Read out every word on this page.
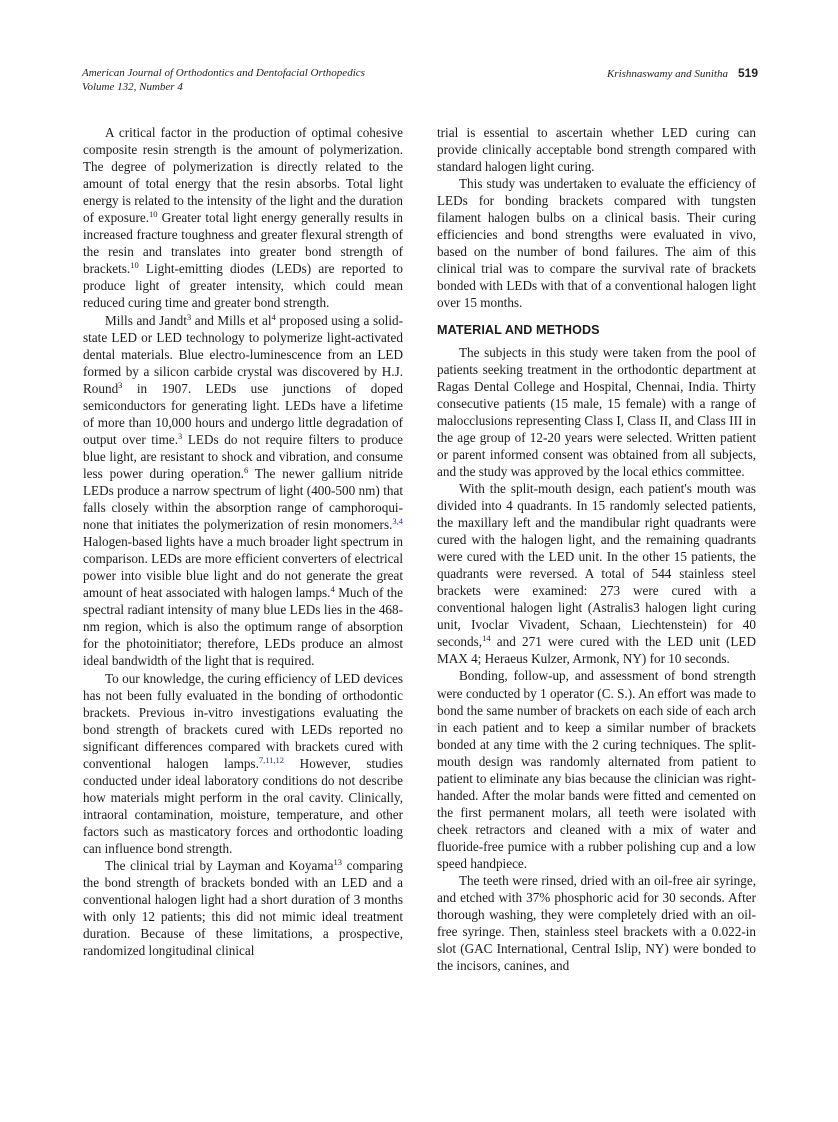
American Journal of Orthodontics and Dentofacial Orthopedics
Volume 132, Number 4
Krishnaswamy and Sunitha 519

A critical factor in the production of optimal cohesive composite resin strength is the amount of polymerization. The degree of polymerization is directly related to the amount of total energy that the resin absorbs. Total light energy is related to the intensity of the light and the duration of exposure.$^{10}$ Greater total light energy generally results in increased fracture toughness and greater flexural strength of the resin and translates into greater bond strength of brackets.$^{10}$ Light-emitting diodes (LEDs) are reported to produce light of greater intensity, which could mean reduced curing time and greater bond strength.

Mills and Jandt$^3$ and Mills et $al^4$ proposed using a solid-state LED or LED technology to polymerize light-activated dental materials. Blue electro-luminescence from an LED formed by a silicon carbide crystal was discovered by H.J. Round$^3$ in 1907. LEDs use junctions of doped semiconductors for generating light. LEDs have a lifetime of more than 10,000 hours and undergo little degradation of output over time.$^3$ LEDs do not require filters to produce blue light, are resistant to shock and vibration, and consume less power during operation.$^6$ The newer gallium nitride LEDs produce a narrow spectrum of light (400-500 nm) that falls closely within the absorption range of camphoroquinone that initiates the polymerization of resin monomers.$^{3,4}$ Halogen-based lights have a much broader light spectrum in comparison. LEDs are more efficient converters of electrical power into visible blue light and do not generate the great amount of heat associated with halogen lamps.$^4$ Much of the spectral radiant intensity of many blue LEDs lies in the 468-nm region, which is also the optimum range of absorption for the photoinitiator; therefore, LEDs produce an almost ideal bandwidth of the light that is required.

To our knowledge, the curing efficiency of LED devices has not been fully evaluated in the bonding of orthodontic brackets. Previous in-vitro investigations evaluating the bond strength of brackets cured with LEDs reported no significant differences compared with brackets cured with conventional halogen lamps.$^{7,11,12}$ However, studies conducted under ideal laboratory conditions do not describe how materials might perform in the oral cavity. Clinically, intraoral contamination, moisture, temperature, and other factors such as masticatory forces and orthodontic loading can influence bond strength.

The clinical trial by Layman and Koyama$^{13}$ comparing the bond strength of brackets bonded with an LED and a conventional halogen light had a short duration of 3 months with only 12 patients; this did not mimic ideal treatment duration. Because of these limitations, a prospective, randomized longitudinal clinical

trial is essential to ascertain whether LED curing can provide clinically acceptable bond strength compared with standard halogen light curing.

This study was undertaken to evaluate the efficiency of LEDs for bonding brackets compared with tungsten filament halogen bulbs on a clinical basis. Their curing efficiencies and bond strengths were evaluated in vivo, based on the number of bond failures. The aim of this clinical trial was to compare the survival rate of brackets bonded with LEDs with that of a conventional halogen light over 15 months.

MATERIAL AND METHODS

The subjects in this study were taken from the pool of patients seeking treatment in the orthodontic department at Ragas Dental College and Hospital, Chennai, India. Thirty consecutive patients (15 male, 15 female) with a range of malocclusions representing Class I, Class II, and Class III in the age group of 12-20 years were selected. Written patient or parent informed consent was obtained from all subjects, and the study was approved by the local ethics committee.

With the split-mouth design, each patient's mouth was divided into 4 quadrants. In 15 randomly selected patients, the maxillary left and the mandibular right quadrants were cured with the halogen light, and the remaining quadrants were cured with the LED unit. In the other 15 patients, the quadrants were reversed. A total of 544 stainless steel brackets were examined: 273 were cured with a conventional halogen light (Astralis3 halogen light curing unit, Ivoclar Vivadent, Schaan, Liechtenstein) for 40 seconds,$^{14}$ and 271 were cured with the LED unit (LED MAX 4; Heraeus Kulzer, Armonk, NY) for 10 seconds.

Bonding, follow-up, and assessment of bond strength were conducted by 1 operator (C. S.). An effort was made to bond the same number of brackets on each side of each arch in each patient and to keep a similar number of brackets bonded at any time with the 2 curing techniques. The split-mouth design was randomly alternated from patient to patient to eliminate any bias because the clinician was right-handed. After the molar bands were fitted and cemented on the first permanent molars, all teeth were isolated with cheek retractors and cleaned with a mix of water and fluoride-free pumice with a rubber polishing cup and a low speed handpiece.

The teeth were rinsed, dried with an oil-free air syringe, and etched with 37% phosphoric acid for 30 seconds. After thorough washing, they were completely dried with an oil-free syringe. Then, stainless steel brackets with a 0.022-in slot (GAC International, Central Islip, NY) were bonded to the incisors, canines, and
